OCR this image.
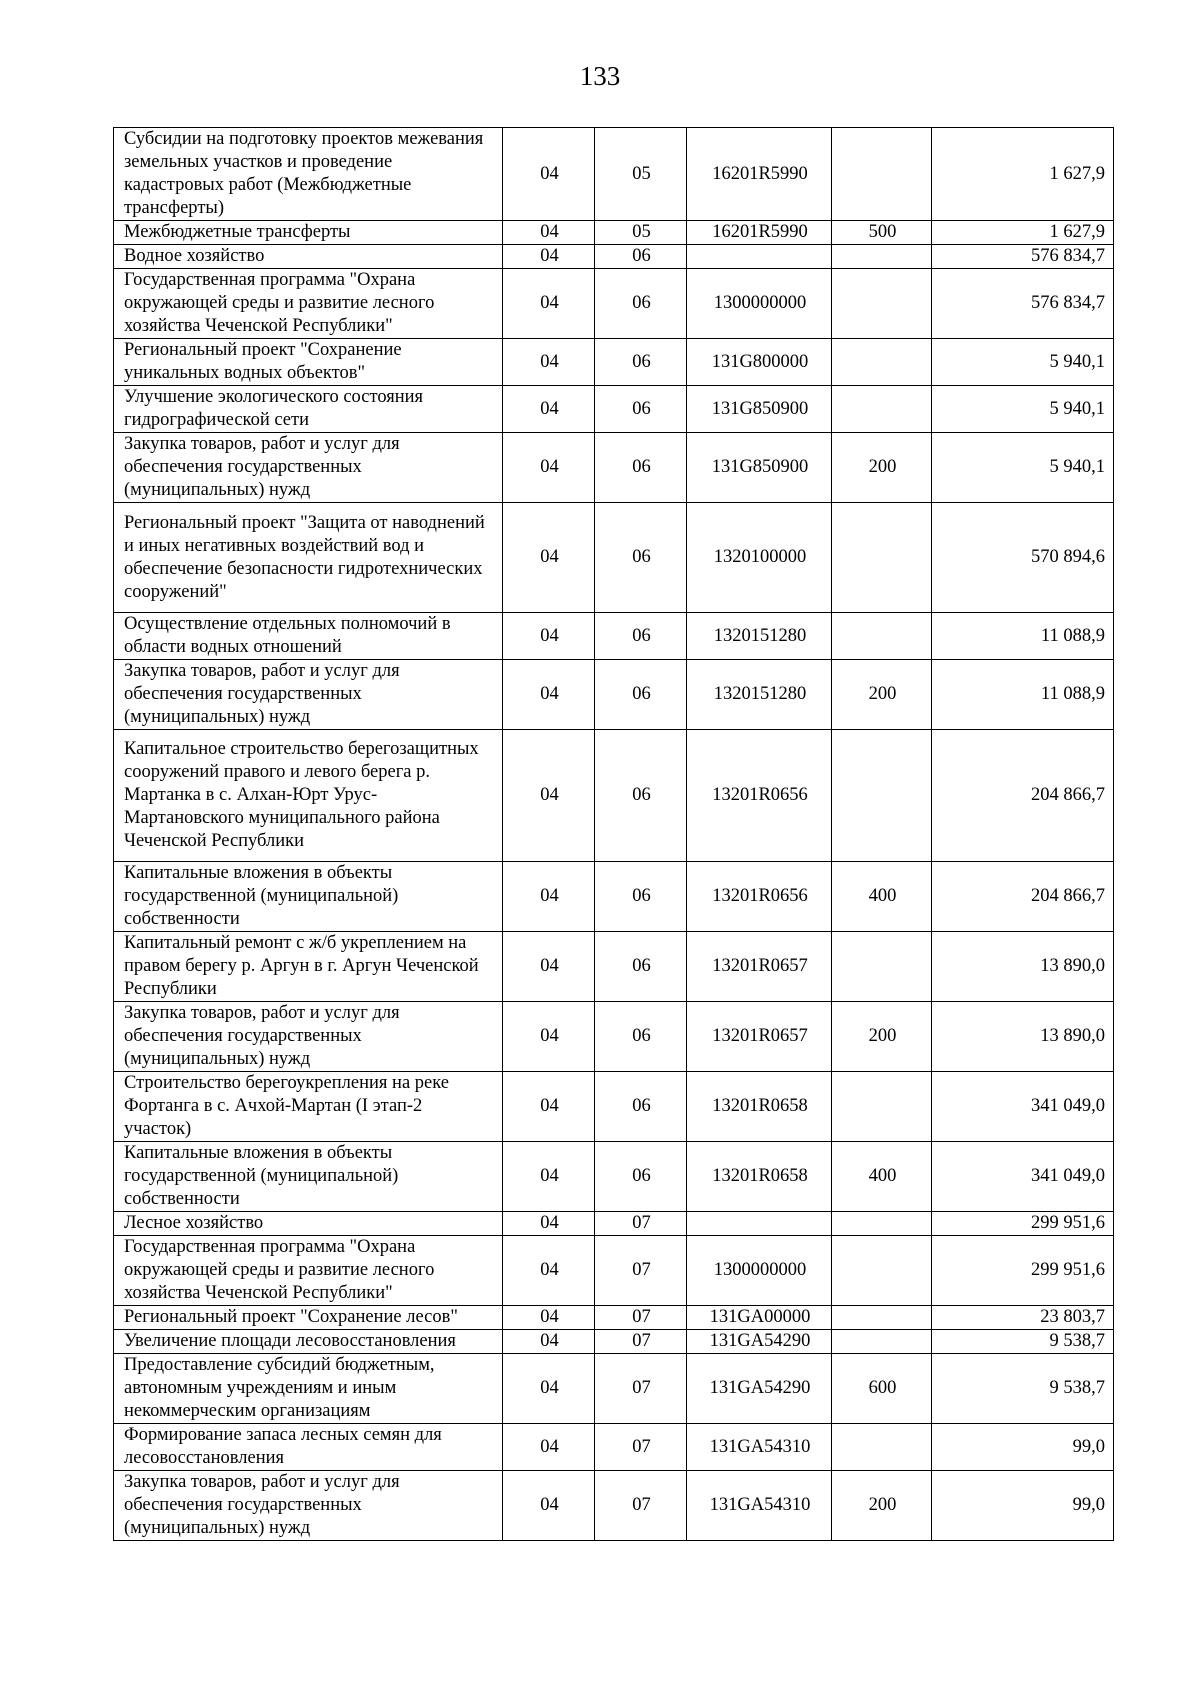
133
Субсидии на подготовку проектов межевания земельных участков и проведение кадастровых работ (Межбюджетные трансферты)	04	05	16201R5990		1 627,9
Межбюджетные трансферты	04	05	16201R5990	500	1 627,9
Водное хозяйство	04	06			576 834,7
Государственная программа "Охрана окружающей среды и развитие лесного хозяйства Чеченской Республики"	04	06	1300000000		576 834,7
Региональный проект "Сохранение уникальных водных объектов"	04	06	131G800000		5 940,1
Улучшение экологического состояния гидрографической сети	04	06	131G850900		5 940,1
Закупка товаров, работ и услуг для обеспечения государственных (муниципальных) нужд	04	06	131G850900	200	5 940,1
Региональный проект "Защита от наводнений и иных негативных воздействий вод и обеспечение безопасности гидротехнических сооружений"	04	06	1320100000		570 894,6
Осуществление отдельных полномочий в области водных отношений	04	06	1320151280		11 088,9
Закупка товаров, работ и услуг для обеспечения государственных (муниципальных) нужд	04	06	1320151280	200	11 088,9
Капитальное строительство берегозащитных сооружений правого и левого берега р. Мартанка в с. Алхан-Юрт Урус-Мартановского муниципального района Чеченской Республики	04	06	13201R0656		204 866,7
Капитальные вложения в объекты государственной (муниципальной) собственности	04	06	13201R0656	400	204 866,7
Капитальный ремонт с ж/б укреплением на правом берегу р. Аргун в г. Аргун Чеченской Республики	04	06	13201R0657		13 890,0
Закупка товаров, работ и услуг для обеспечения государственных (муниципальных) нужд	04	06	13201R0657	200	13 890,0
Строительство берегоукрепления на реке Фортанга в с. Ачхой-Мартан (I этап-2 участок)	04	06	13201R0658		341 049,0
Капитальные вложения в объекты государственной (муниципальной) собственности	04	06	13201R0658	400	341 049,0
Лесное хозяйство	04	07			299 951,6
Государственная программа "Охрана окружающей среды и развитие лесного хозяйства Чеченской Республики"	04	07	1300000000		299 951,6
Региональный проект "Сохранение лесов"	04	07	131GA00000		23 803,7
Увеличение площади лесовосстановления	04	07	131GA54290		9 538,7
Предоставление субсидий бюджетным, автономным учреждениям и иным некоммерческим организациям	04	07	131GA54290	600	9 538,7
Формирование запаса лесных семян для лесовосстановления	04	07	131GA54310		99,0
Закупка товаров, работ и услуг для обеспечения государственных (муниципальных) нужд	04	07	131GA54310	200	99,0
